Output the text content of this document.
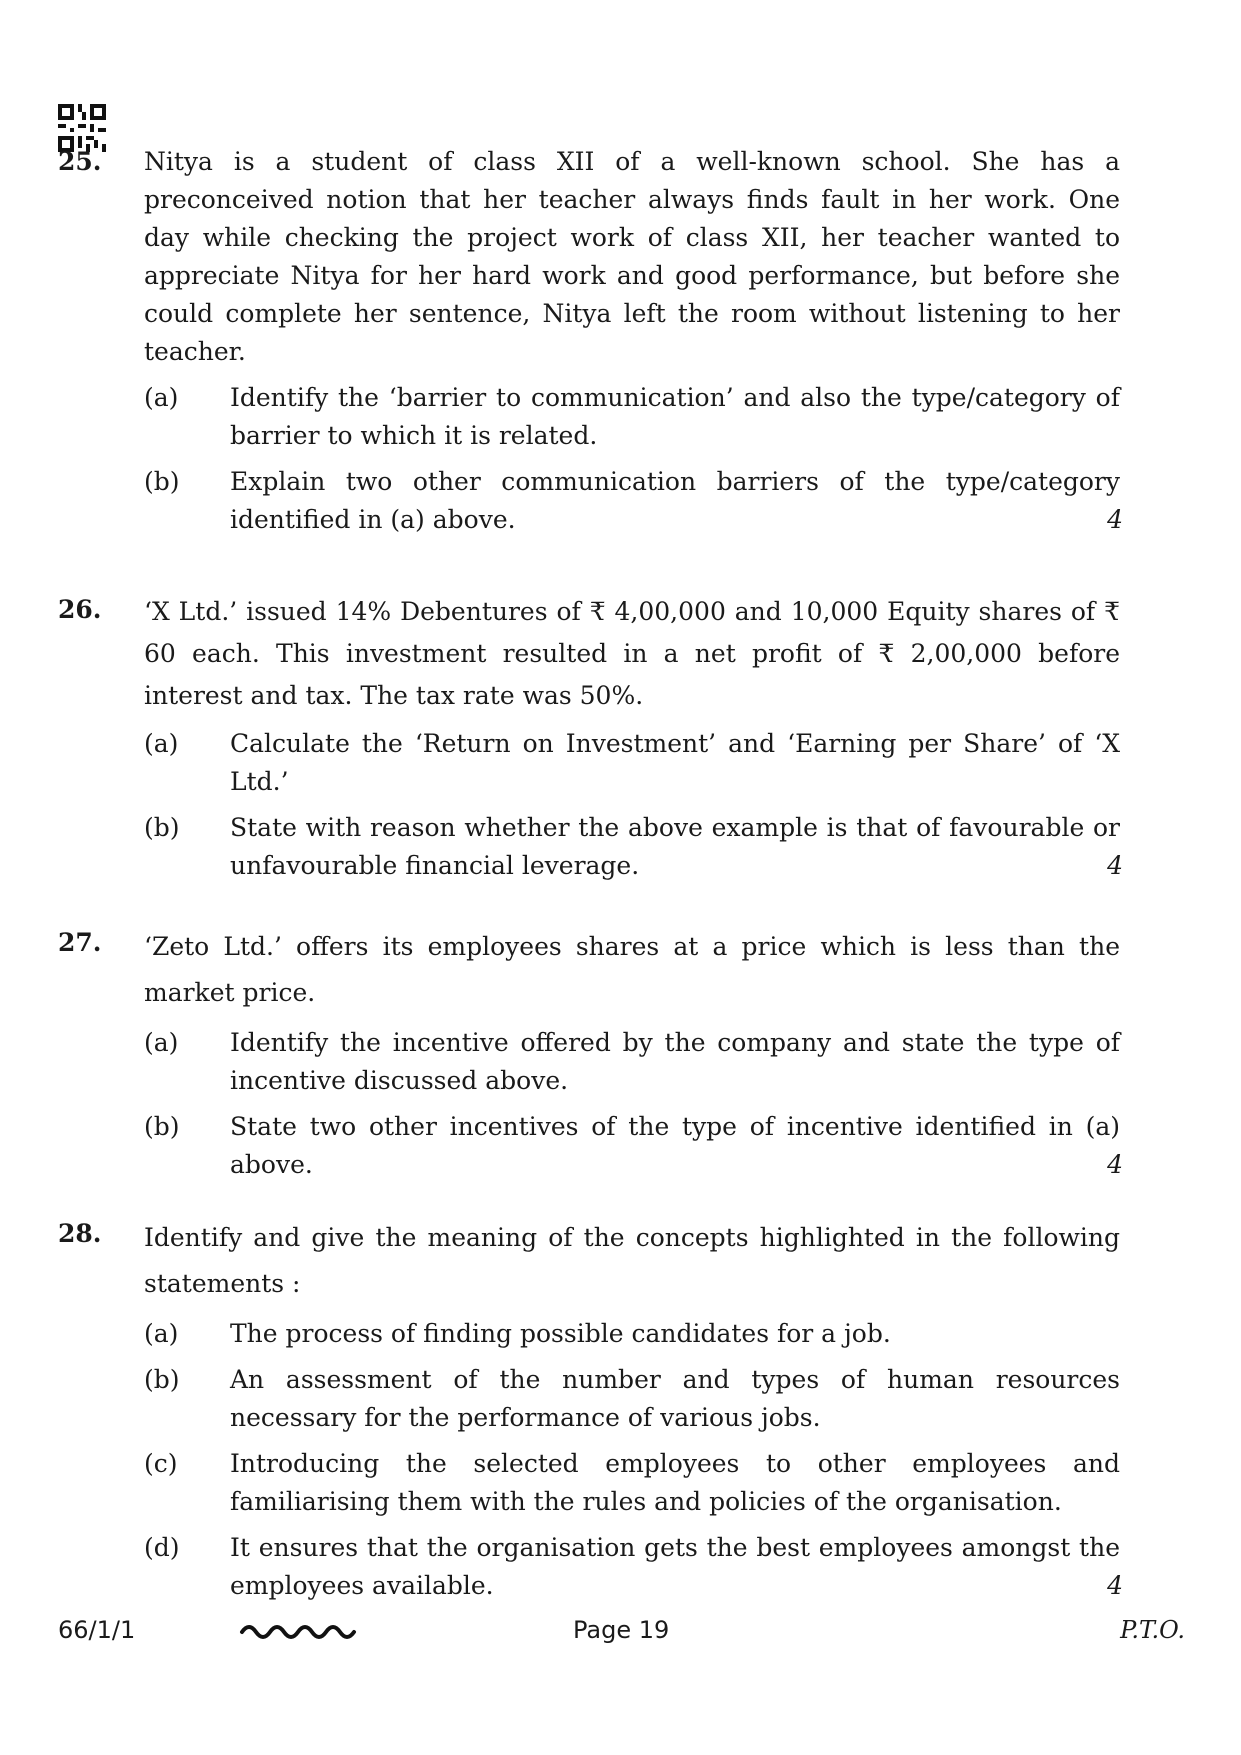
25. Nitya is a student of class XII of a well-known school. She has a preconceived notion that her teacher always finds fault in her work. One day while checking the project work of class XII, her teacher wanted to appreciate Nitya for her hard work and good performance, but before she could complete her sentence, Nitya left the room without listening to her teacher.
(a) Identify the ‘barrier to communication’ and also the type/category of barrier to which it is related.
(b) Explain two other communication barriers of the type/category identified in (a) above.	4
26. ‘X Ltd.’ issued 14% Debentures of ₹ 4,00,000 and 10,000 Equity shares of ₹ 60 each. This investment resulted in a net profit of ₹ 2,00,000 before interest and tax. The tax rate was 50%.
(a) Calculate the ‘Return on Investment’ and ‘Earning per Share’ of ‘X Ltd.’
(b) State with reason whether the above example is that of favourable or unfavourable financial leverage.	4
‘Zeto Ltd.’ offers its employees shares at a price which is less than the market price.
27.
(a) Identify the incentive offered by the company and state the type of incentive discussed above.
(b) State two other incentives of the type of incentive identified in (a) above.	4
28. Identify and give the meaning of the concepts highlighted in the following statements :
(a) The process of finding possible candidates for a job.
(b) An assessment of the number and types of human resources necessary for the performance of various jobs.
(c) Introducing the selected employees to other employees and familiarising them with the rules and policies of the organisation.
(d) It ensures that the organisation gets the best employees amongst the employees available.	4
66/1/1	Page 19	P.T.O.
